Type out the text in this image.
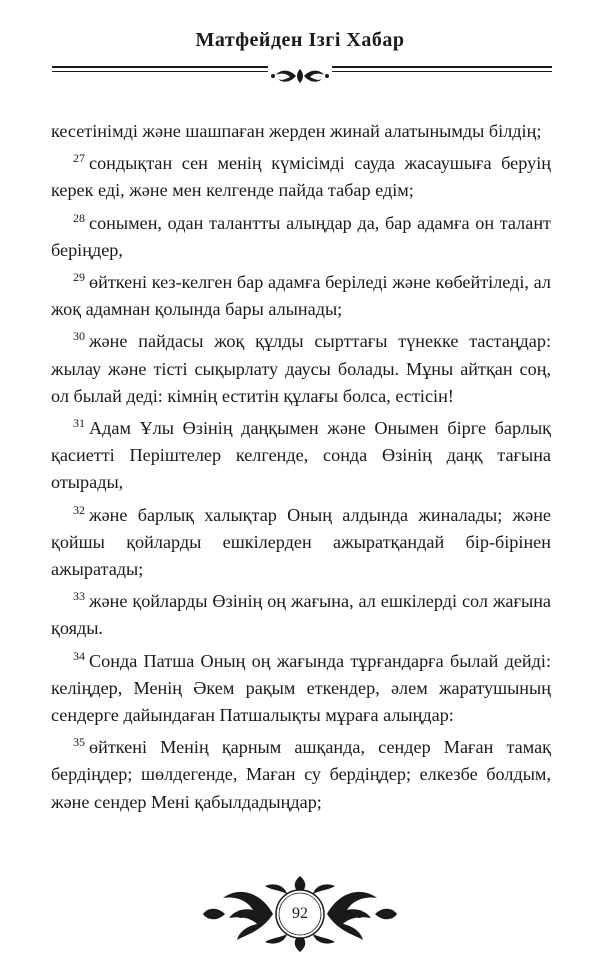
Матфейден Ізгі Хабар

кесетінімді және шашпаған жерден жинай алатынымды білдің;

$^{27}$ сондықтан сен менің күмісімді сауда жасаушыға беруің керек еді, және мен келгенде пайда табар едім;

$^{28}$ сонымен, одан талантты алыңдар да, бар адамға он талант беріңдер,

$^{29}$ өйткені кез-келген бар адамға беріледі және көбейтіледі, ал жоқ адамнан қолында бары алынады;

$^{30}$ және пайдасы жоқ құлды сырттағы түнекке тастаңдар: жылау және тісті сықырлату даусы болады. Мұны айтқан соң, ол былай деді: кімнің еститін құлағы болса, естісін!

$^{31}$ Адам Ұлы Өзінің даңқымен және Онымен бірге барлық қасиетті Періштелер келгенде, сонда Өзінің даңқ тағына отырады,

$^{32}$ және барлық халықтар Оның алдында жиналады; және қойшы қойларды ешкілерден ажыратқандай бір-бірінен ажыратады;

$^{33}$ және қойларды Өзінің оң жағына, ал ешкілерді сол жағына қояды.

$^{34}$ Сонда Патша Оның оң жағында тұрғандарға былай дейді: келіңдер, Менің Әкем рақым еткендер, әлем жаратушының сендерге дайындаған Патшалықты мұраға алыңдар:

$^{35}$ өйткені Менің қарным ашқанда, сендер Маған тамақ бердіңдер; шөлдегенде, Маған су бердіңдер; елкезбе болдым, және сендер Мені қабылдадыңдар;

92
